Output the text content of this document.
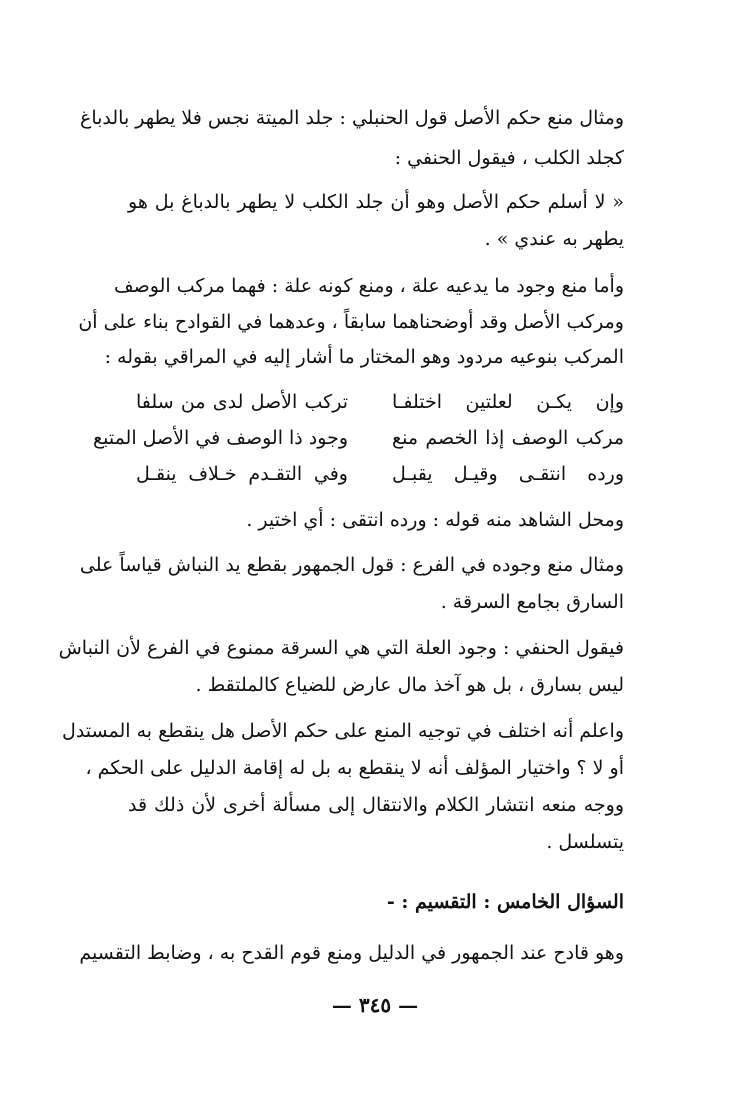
ومثال منع حكم الأصل قول الحنبلي : جلد الميتة نجس فلا يطهر بالدباغ
كجلد الكلب ، فيقول الحنفي :
« لا أسلم حكم الأصل وهو أن جلد الكلب لا يطهر بالدباغ بل هو
يطهر به عندي » .
وأما منع وجود ما يدعيه علة ، ومنع كونه علة : فهما مركب الوصف
ومركب الأصل وقد أوضحناهما سابقاً ، وعدهما في القوادح بناء على أن
المركب بنوعيه مردود وهو المختار ما أشار إليه في المراقي بقوله :
وإن يكـن لعلتين اختلفـا
تركب الأصل لدى من سلفا
مركب الوصف إذا الخصم منع
وجود ذا الوصف في الأصل المتبع
ورده انتقـى وقيـل يقبـل
وفي التقـدم خـلاف ينقـل
ومحل الشاهد منه قوله : ورده انتقى : أي اختير .
ومثال منع وجوده في الفرع : قول الجمهور بقطع يد النباش قياساً على
السارق بجامع السرقة .
فيقول الحنفي : وجود العلة التي هي السرقة ممنوع في الفرع لأن النباش
ليس بسارق ، بل هو آخذ مال عارض للضياع كالملتقط .
واعلم أنه اختلف في توجيه المنع على حكم الأصل هل ينقطع به المستدل
أو لا ؟ واختيار المؤلف أنه لا ينقطع به بل له إقامة الدليل على الحكم ،
ووجه منعه انتشار الكلام والانتقال إلى مسألة أخرى لأن ذلك قد
يتسلسل .
السؤال الخامس : التقسيم : -
وهو قادح عند الجمهور في الدليل ومنع قوم القدح به ، وضابط التقسيم
— ٣٤٥ —
